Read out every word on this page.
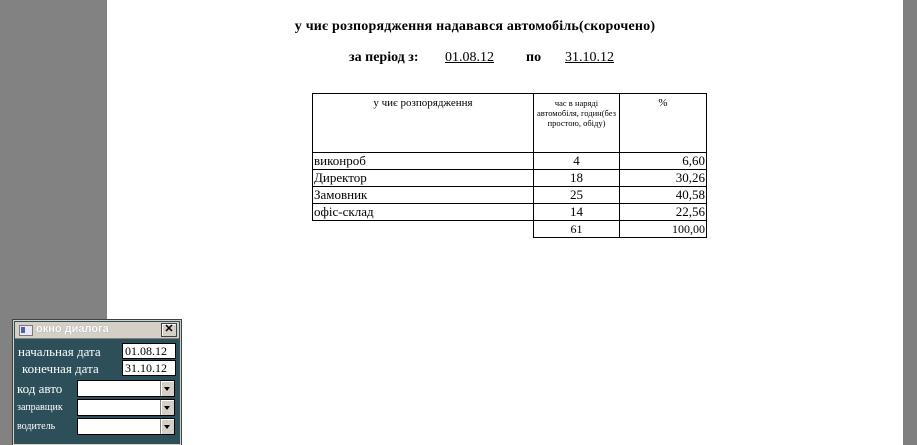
у чиє розпорядження надавався автомобіль(скорочено)
за період з: 01.08.12 по 31.10.12
у чиє розпорядження	час в наряді автомобіля, годин(без простою, обіду)	%
виконроб	4	6,60
Директор	18	30,26
Замовник	25	40,58
офіс-склад	14	22,56
	61	100,00
окно диалога	✕
начальная дата 01.08.12
конечная дата 31.10.12
код авто
заправщик
водитель
